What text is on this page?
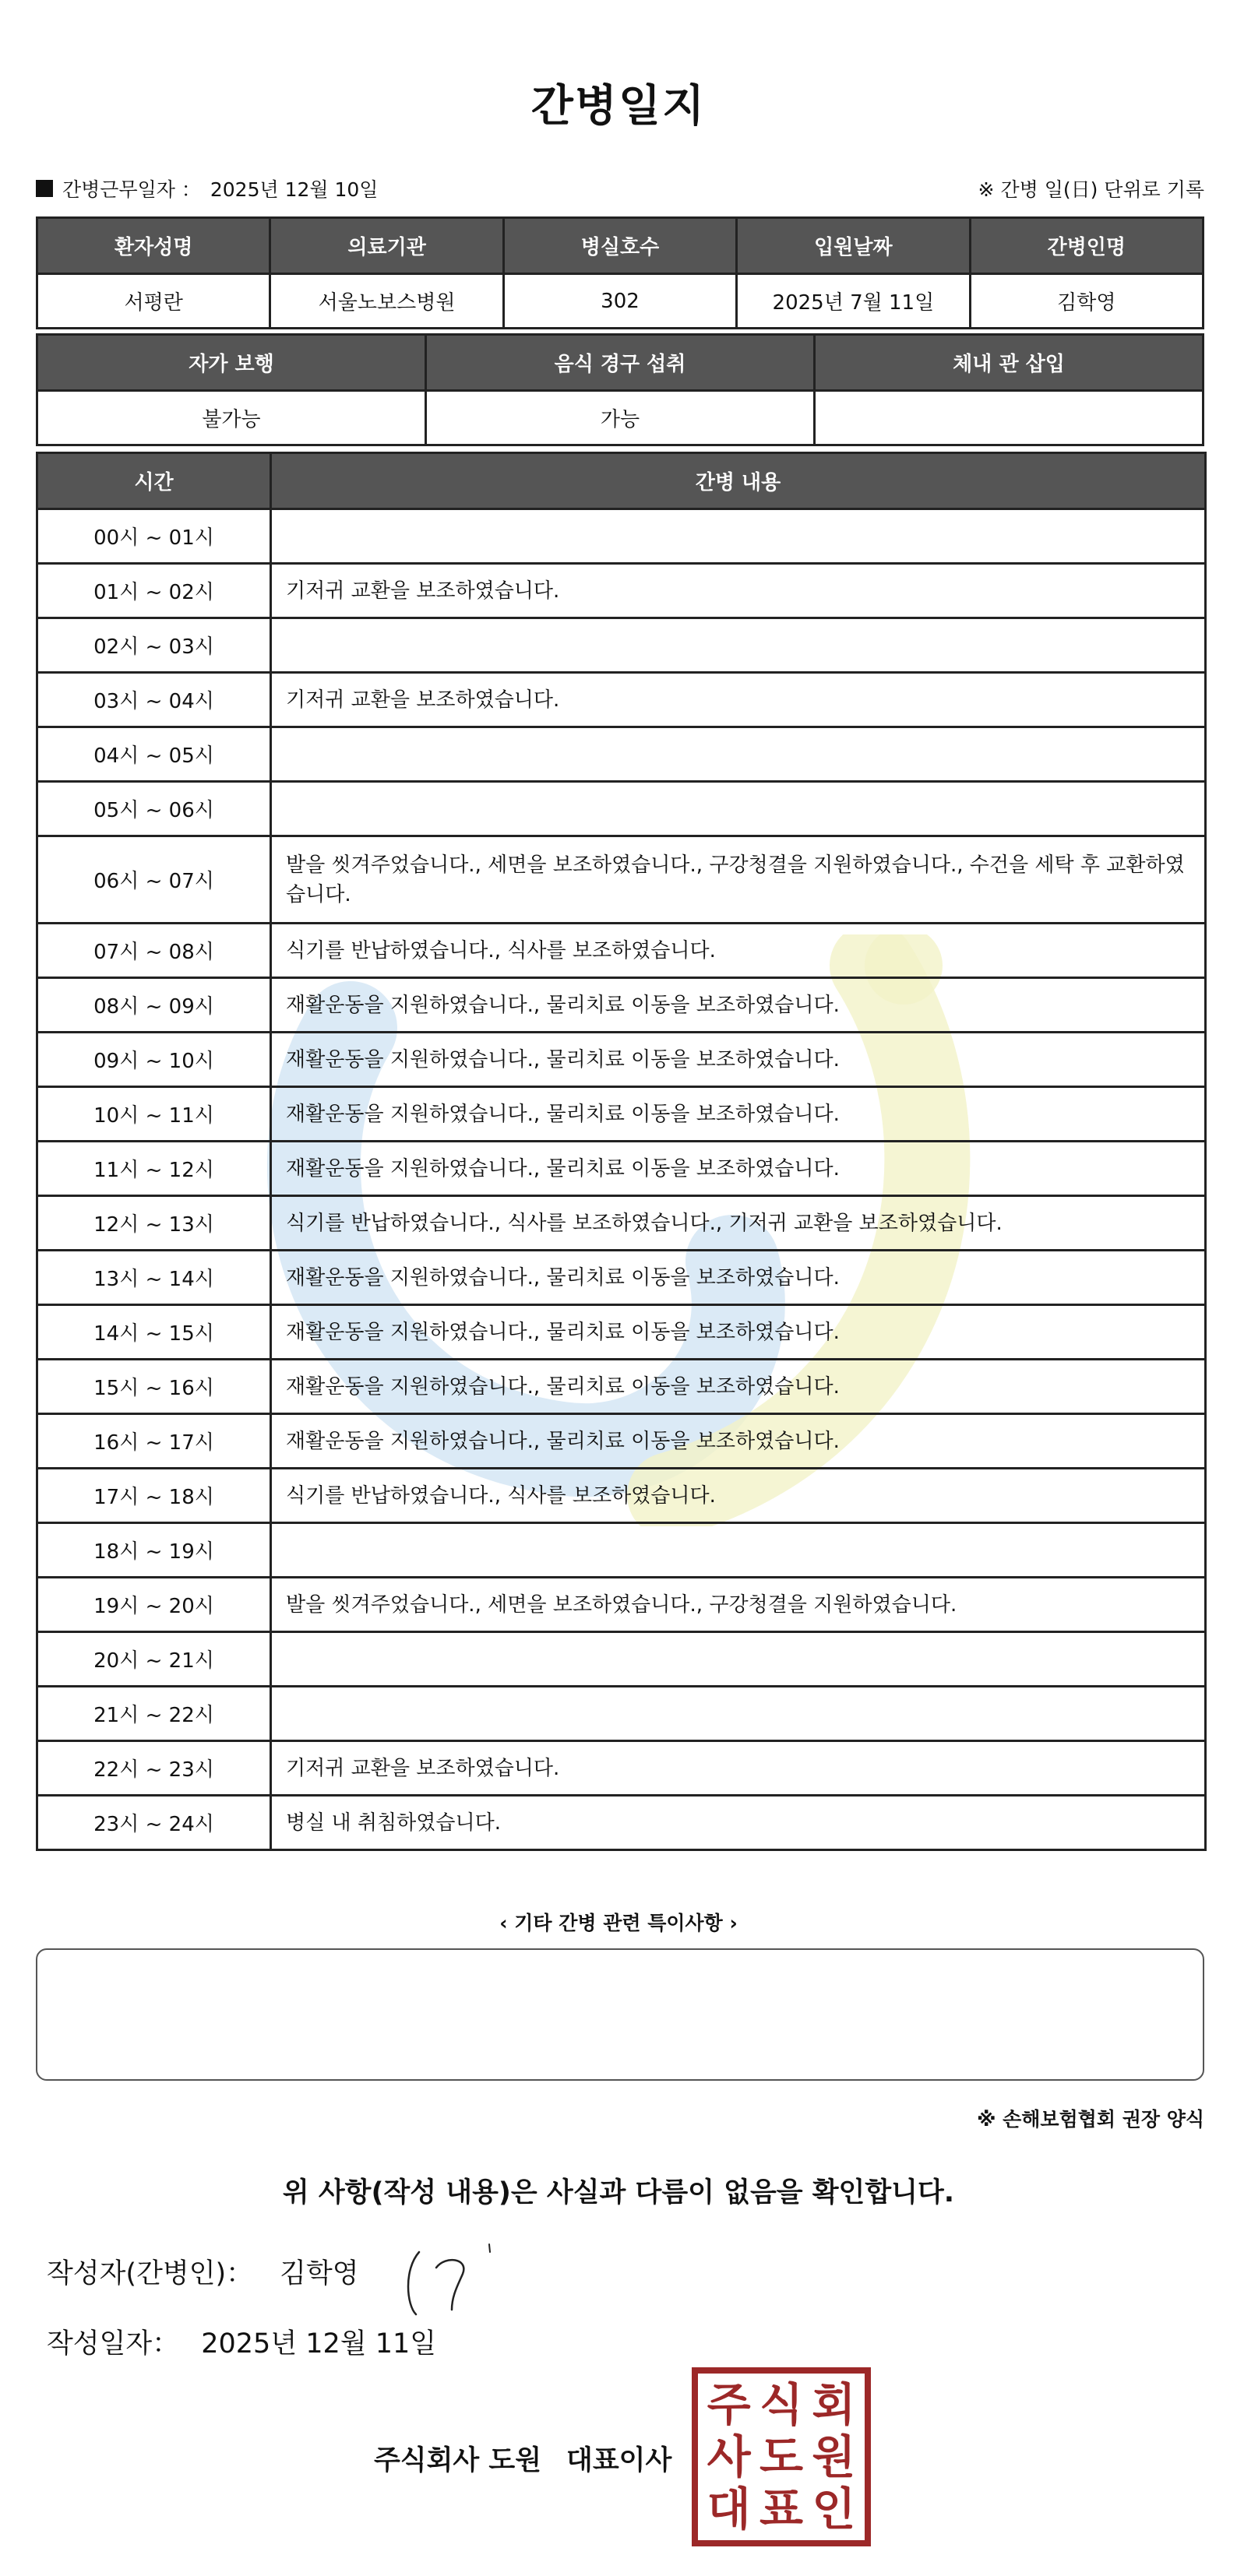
간병일지
간병근무일자 ： 2025년 12월 10일	※ 간병 일(日) 단위로 기록
환자성명	의료기관	병실호수	입원날짜	간병인명
서평란	서울노보스병원	302	2025년 7월 11일	김학영
자가 보행	음식 경구 섭취	체내 관 삽입
불가능	가능	
시간	간병 내용
00시 ~ 01시	
01시 ~ 02시	기저귀 교환을 보조하였습니다.
02시 ~ 03시	
03시 ~ 04시	기저귀 교환을 보조하였습니다.
04시 ~ 05시	
05시 ~ 06시	
06시 ~ 07시	발을 씻겨주었습니다., 세면을 보조하였습니다., 구강청결을 지원하였습니다., 수건을 세탁 후 교환하였습니다.
07시 ~ 08시	식기를 반납하였습니다., 식사를 보조하였습니다.
08시 ~ 09시	재활운동을 지원하였습니다., 물리치료 이동을 보조하였습니다.
09시 ~ 10시	재활운동을 지원하였습니다., 물리치료 이동을 보조하였습니다.
10시 ~ 11시	재활운동을 지원하였습니다., 물리치료 이동을 보조하였습니다.
11시 ~ 12시	재활운동을 지원하였습니다., 물리치료 이동을 보조하였습니다.
12시 ~ 13시	식기를 반납하였습니다., 식사를 보조하였습니다., 기저귀 교환을 보조하였습니다.
13시 ~ 14시	재활운동을 지원하였습니다., 물리치료 이동을 보조하였습니다.
14시 ~ 15시	재활운동을 지원하였습니다., 물리치료 이동을 보조하였습니다.
15시 ~ 16시	재활운동을 지원하였습니다., 물리치료 이동을 보조하였습니다.
16시 ~ 17시	재활운동을 지원하였습니다., 물리치료 이동을 보조하였습니다.
17시 ~ 18시	식기를 반납하였습니다., 식사를 보조하였습니다.
18시 ~ 19시	
19시 ~ 20시	발을 씻겨주었습니다., 세면을 보조하였습니다., 구강청결을 지원하였습니다.
20시 ~ 21시	
21시 ~ 22시	
22시 ~ 23시	기저귀 교환을 보조하였습니다.
23시 ~ 24시	병실 내 취침하였습니다.
‹ 기타 간병 관련 특이사항 ›
※ 손해보험협회 권장 양식
위 사항(작성 내용)은 사실과 다름이 없음을 확인합니다.
작성자(간병인)： 김학영
작성일자： 2025년 12월 11일
주식회사 도원 대표이사
주 식 회
사 도 원
대 표 인
